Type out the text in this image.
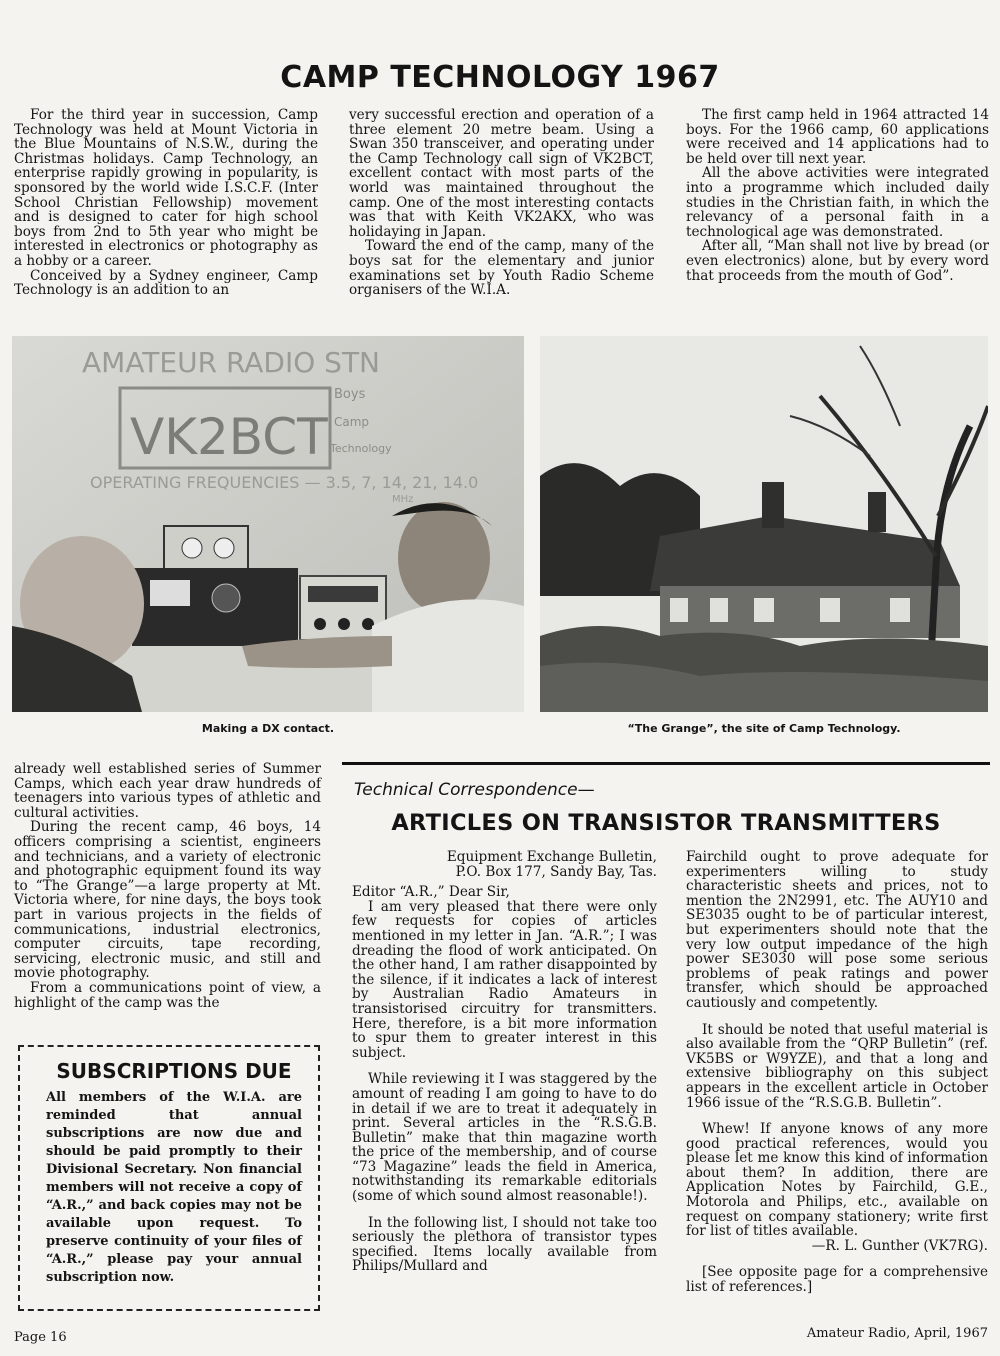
CAMP TECHNOLOGY 1967

For the third year in succession, Camp Technology was held at Mount Victoria in the Blue Mountains of N.S.W., during the Christmas holidays. Camp Technology, an enterprise rapidly growing in popularity, is sponsored by the world wide I.S.C.F. (Inter School Christian Fellowship) movement and is designed to cater for high school boys from 2nd to 5th year who might be interested in electronics or photography as a hobby or a career.

Conceived by a Sydney engineer, Camp Technology is an addition to an

very successful erection and operation of a three element 20 metre beam. Using a Swan 350 transceiver, and operating under the Camp Technology call sign of VK2BCT, excellent contact with most parts of the world was maintained throughout the camp. One of the most interesting contacts was that with Keith VK2AKX, who was holidaying in Japan.

Toward the end of the camp, many of the boys sat for the elementary and junior examinations set by Youth Radio Scheme organisers of the W.I.A.

The first camp held in 1964 attracted 14 boys. For the 1966 camp, 60 applications were received and 14 applications had to be held over till next year.

All the above activities were integrated into a programme which included daily studies in the Christian faith, in which the relevancy of a personal faith in a technological age was demonstrated.

After all, “Man shall not live by bread (or even electronics) alone, but by every word that proceeds from the mouth of God”.

AMATEUR RADIO STN
VK2BCT
Boys
Camp
Technology
OPERATING FREQUENCIES — 3.5, 7, 14, 21, 14.0
MHz
Making a DX contact.	“The Grange”, the site of Camp Technology.

already well established series of Summer Camps, which each year draw hundreds of teenagers into various types of athletic and cultural activities.

During the recent camp, 46 boys, 14 officers comprising a scientist, engineers and technicians, and a variety of electronic and photographic equipment found its way to “The Grange”—a large property at Mt. Victoria where, for nine days, the boys took part in various projects in the fields of communications, industrial electronics, computer circuits, tape recording, servicing, electronic music, and still and movie photography.

From a communications point of view, a highlight of the camp was the

SUBSCRIPTIONS DUE
All members of the W.I.A. are reminded that annual subscriptions are now due and should be paid promptly to their Divisional Secretary. Non financial members will not receive a copy of “A.R.,” and back copies may not be available upon request. To preserve continuity of your files of “A.R.,” please pay your annual subscription now.
Technical Correspondence—
ARTICLES ON TRANSISTOR TRANSMITTERS

Equipment Exchange Bulletin,

P.O. Box 177, Sandy Bay, Tas.

Editor “A.R.,” Dear Sir,

I am very pleased that there were only few requests for copies of articles mentioned in my letter in Jan. “A.R.”; I was dreading the flood of work anticipated. On the other hand, I am rather disappointed by the silence, if it indicates a lack of interest by Australian Radio Amateurs in transistorised circuitry for transmitters. Here, therefore, is a bit more information to spur them to greater interest in this subject.

While reviewing it I was staggered by the amount of reading I am going to have to do in detail if we are to treat it adequately in print. Several articles in the “R.S.G.B. Bulletin” make that thin magazine worth the price of the membership, and of course “73 Magazine” leads the field in America, notwithstanding its remarkable editorials (some of which sound almost reasonable!).

In the following list, I should not take too seriously the plethora of transistor types specified. Items locally available from Philips/Mullard and

Fairchild ought to prove adequate for experimenters willing to study characteristic sheets and prices, not to mention the 2N2991, etc. The AUY10 and SE3035 ought to be of particular interest, but experimenters should note that the very low output impedance of the high power SE3030 will pose some serious problems of peak ratings and power transfer, which should be approached cautiously and competently.

It should be noted that useful material is also available from the “QRP Bulletin” (ref. VK5BS or W9YZE), and that a long and extensive bibliography on this subject appears in the excellent article in October 1966 issue of the “R.S.G.B. Bulletin”.

Whew! If anyone knows of any more good practical references, would you please let me know this kind of information about them? In addition, there are Application Notes by Fairchild, G.E., Motorola and Philips, etc., available on request on company stationery; write first for list of titles available.

—R. L. Gunther (VK7RG).

[See opposite page for a comprehensive list of references.]

Page 16	Amateur Radio, April, 1967
